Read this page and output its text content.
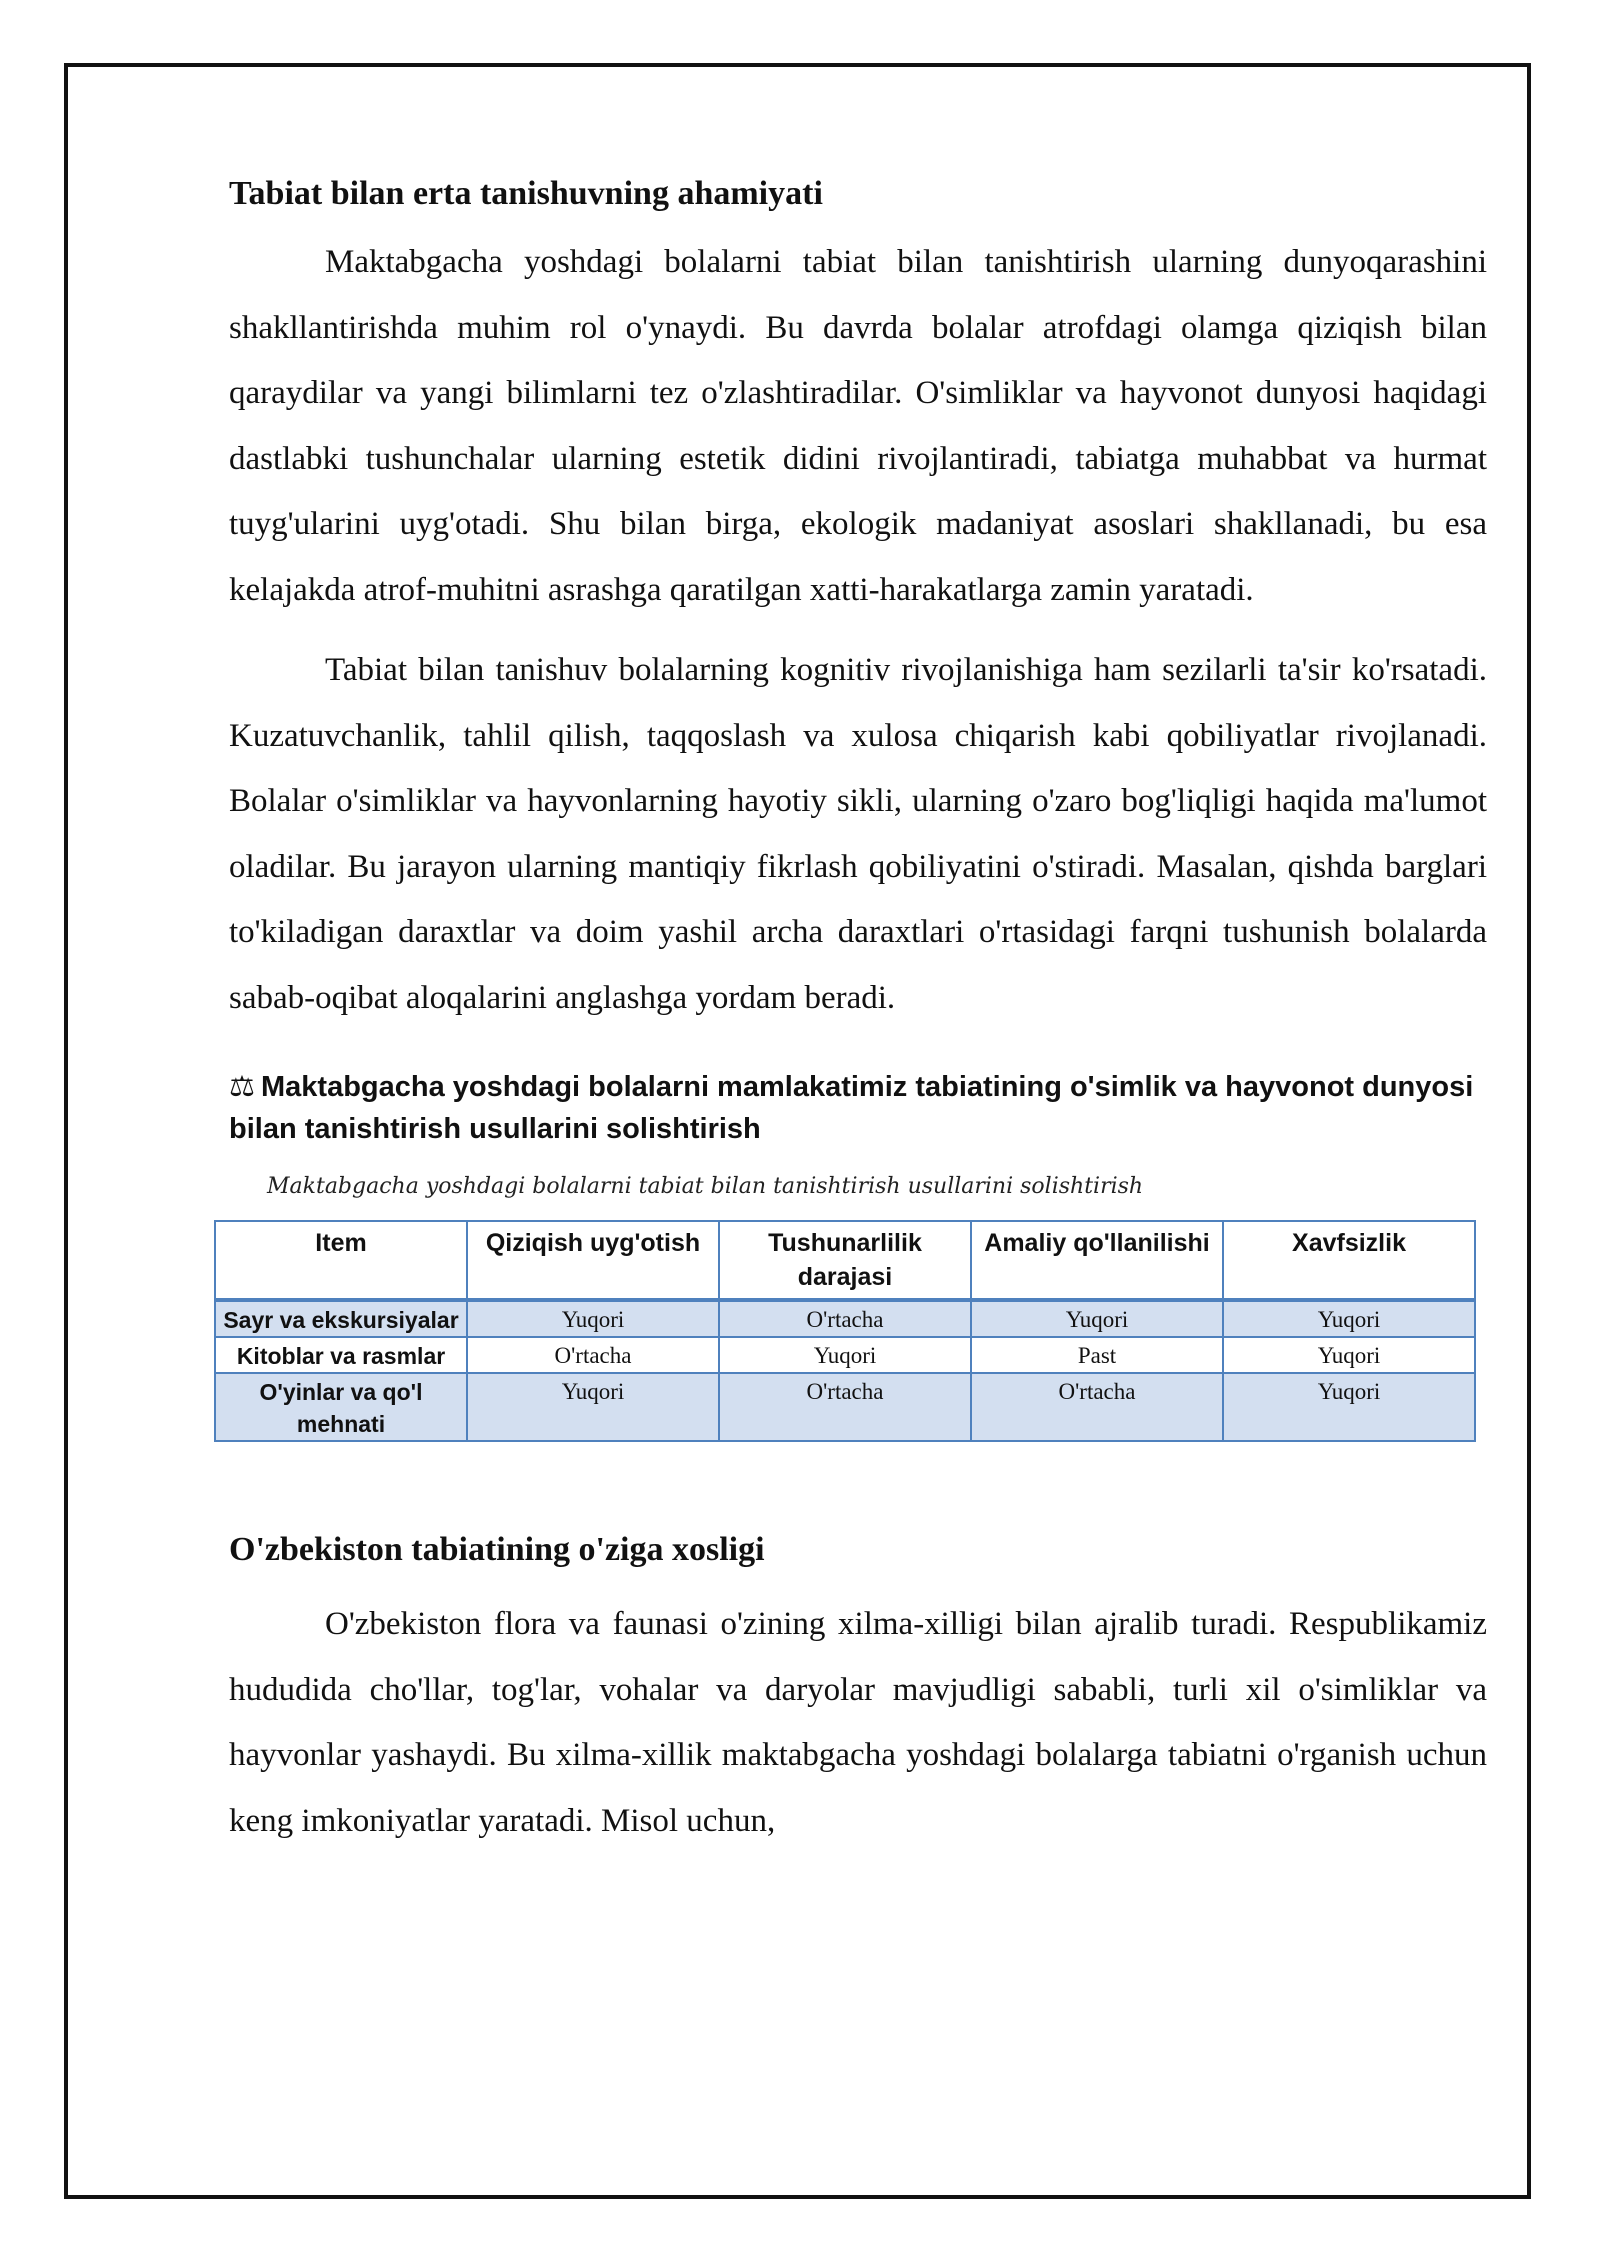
Tabiat bilan erta tanishuvning ahamiyati

Maktabgacha yoshdagi bolalarni tabiat bilan tanishtirish ularning dunyoqarashini shakllantirishda muhim rol o'ynaydi. Bu davrda bolalar atrofdagi olamga qiziqish bilan qaraydilar va yangi bilimlarni tez o'zlashtiradilar. O'simliklar va hayvonot dunyosi haqidagi dastlabki tushunchalar ularning estetik didini rivojlantiradi, tabiatga muhabbat va hurmat tuyg'ularini uyg'otadi. Shu bilan birga, ekologik madaniyat asoslari shakllanadi, bu esa kelajakda atrof-muhitni asrashga qaratilgan xatti-harakatlarga zamin yaratadi.

Tabiat bilan tanishuv bolalarning kognitiv rivojlanishiga ham sezilarli ta'sir ko'rsatadi. Kuzatuvchanlik, tahlil qilish, taqqoslash va xulosa chiqarish kabi qobiliyatlar rivojlanadi. Bolalar o'simliklar va hayvonlarning hayotiy sikli, ularning o'zaro bog'liqligi haqida ma'lumot oladilar. Bu jarayon ularning mantiqiy fikrlash qobiliyatini o'stiradi. Masalan, qishda barglari to'kiladigan daraxtlar va doim yashil archa daraxtlari o'rtasidagi farqni tushunish bolalarda sabab-oqibat aloqalarini anglashga yordam beradi.

⚖ Maktabgacha yoshdagi bolalarni mamlakatimiz tabiatining o'simlik va hayvonot dunyosi bilan tanishtirish usullarini solishtirish

Maktabgacha yoshdagi bolalarni tabiat bilan tanishtirish usullarini solishtirish

Item	Qiziqish uyg'otish	Tushunarlilik darajasi	Amaliy qo'llanilishi	Xavfsizlik
Sayr va ekskursiyalar	Yuqori	O'rtacha	Yuqori	Yuqori
Kitoblar va rasmlar	O'rtacha	Yuqori	Past	Yuqori
O'yinlar va qo'l mehnati	Yuqori	O'rtacha	O'rtacha	Yuqori
O'zbekiston tabiatining o'ziga xosligi

O'zbekiston flora va faunasi o'zining xilma-xilligi bilan ajralib turadi. Respublikamiz hududida cho'llar, tog'lar, vohalar va daryolar mavjudligi sababli, turli xil o'simliklar va hayvonlar yashaydi. Bu xilma-xillik maktabgacha yoshdagi bolalarga tabiatni o'rganish uchun keng imkoniyatlar yaratadi. Misol uchun,
